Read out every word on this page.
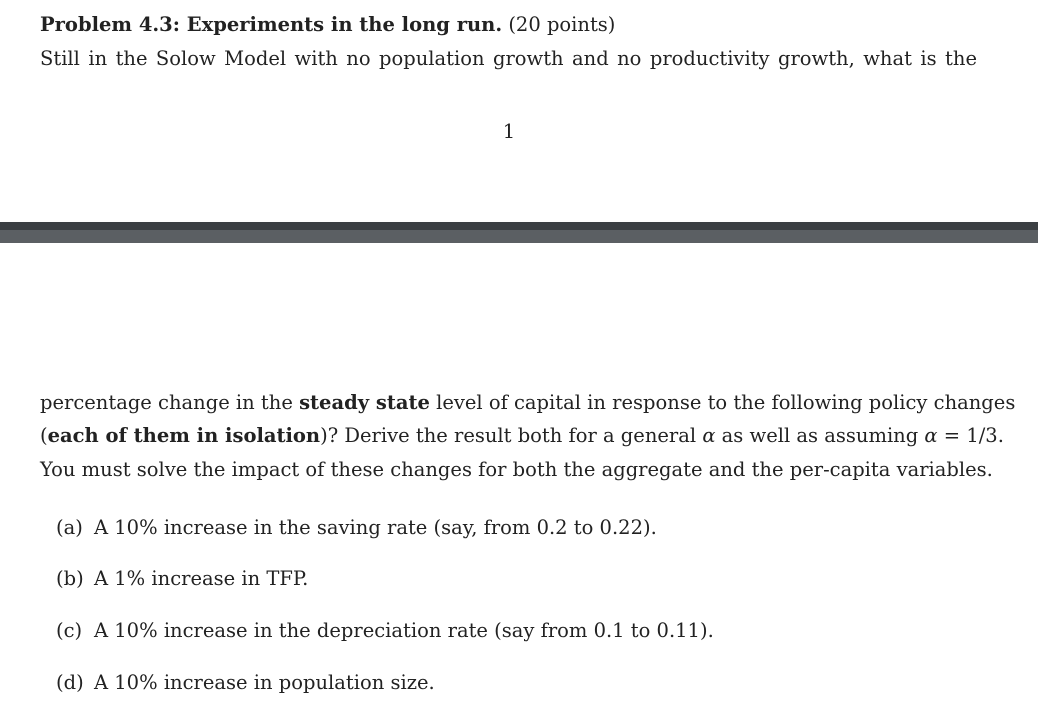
Problem 4.3: Experiments in the long run. (20 points)
Still in the Solow Model with no population growth and no productivity growth, what is the
1
percentage change in the steady state level of capital in response to the following policy changes
(each of them in isolation)? Derive the result both for a general α as well as assuming α = 1/3.
You must solve the impact of these changes for both the aggregate and the per-capita variables.
(a) A 10% increase in the saving rate (say, from 0.2 to 0.22).
(b) A 1% increase in TFP.
(c) A 10% increase in the depreciation rate (say from 0.1 to 0.11).
(d) A 10% increase in population size.
